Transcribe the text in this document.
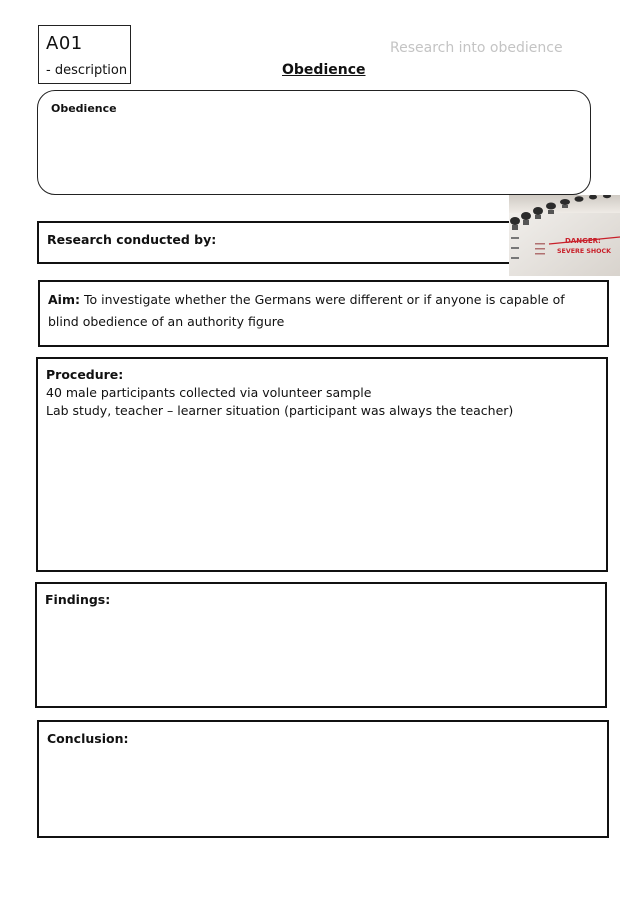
A01
- description
Research into obedience
Obedience
Obedience
Research conducted by:	DANGER:
SEVERE SHOCK
Aim: To investigate whether the Germans were different or if anyone is capable of blind obedience of an authority figure
Procedure:
40 male participants collected via volunteer sample
Lab study, teacher – learner situation (participant was always the teacher)
Findings:
Conclusion:
